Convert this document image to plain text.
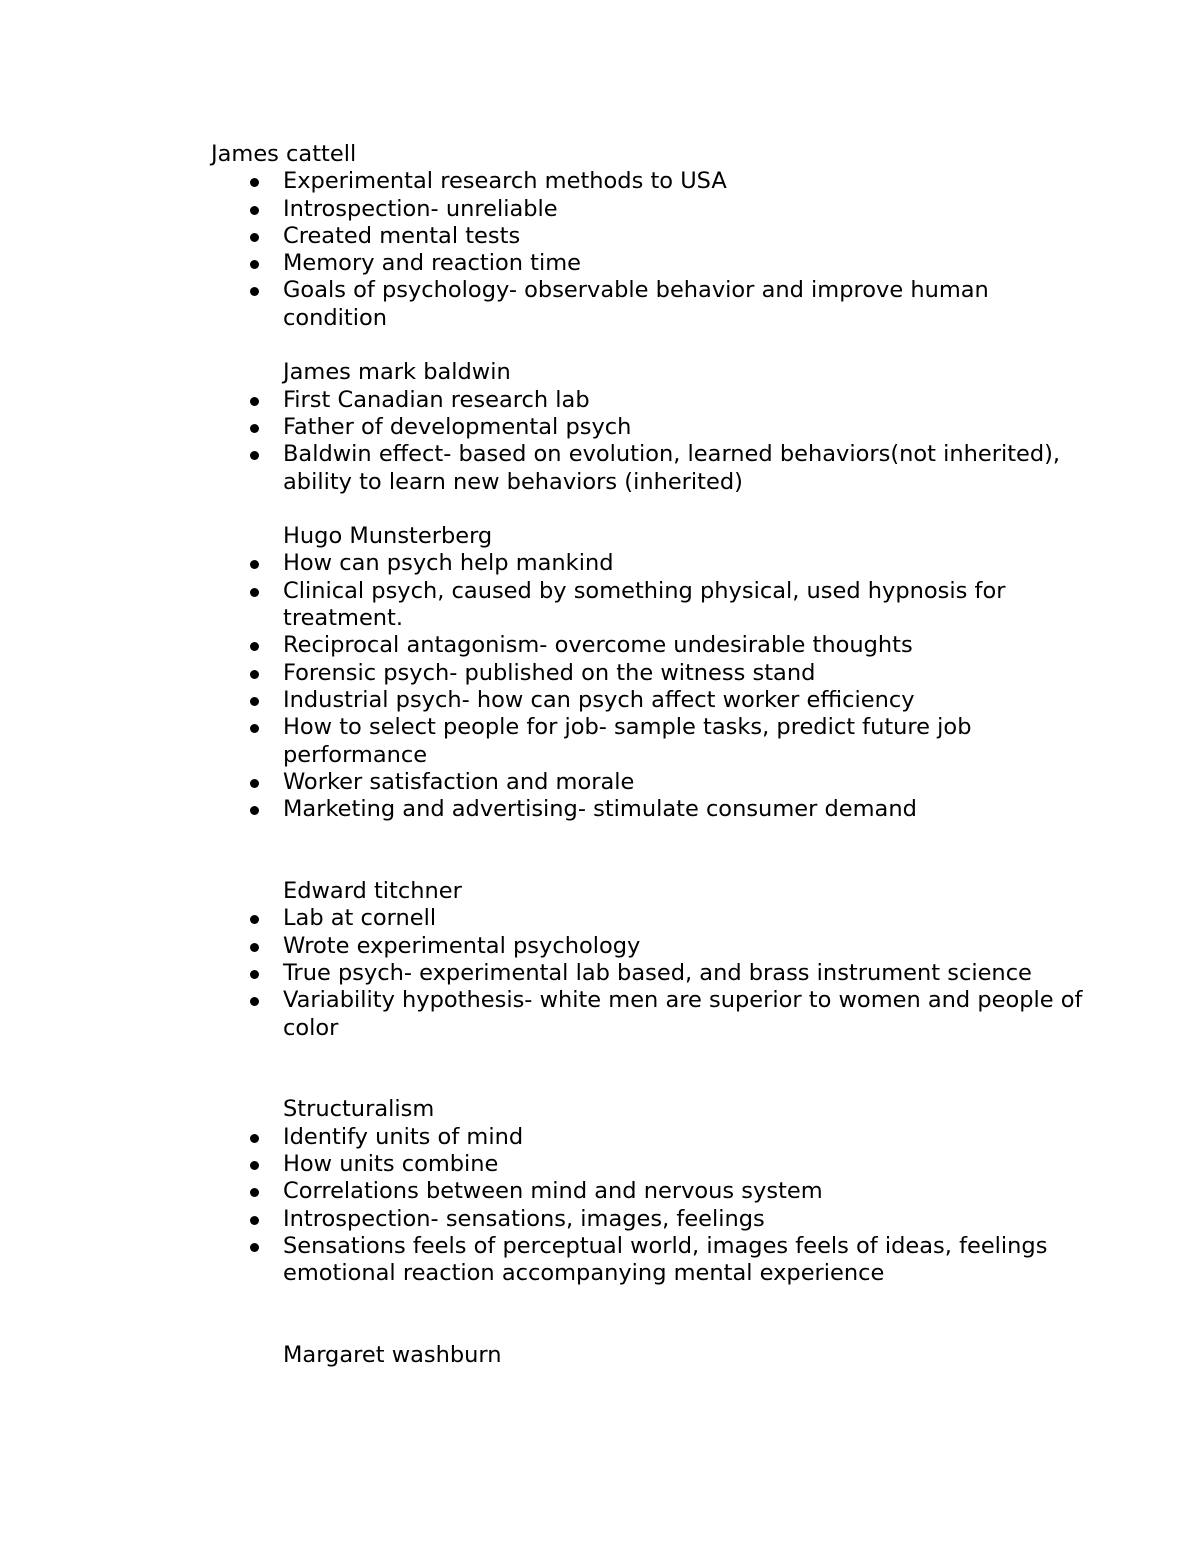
James cattell
Experimental research methods to USA
Introspection- unreliable
Created mental tests
Memory and reaction time
Goals of psychology- observable behavior and improve human condition
James mark baldwin
First Canadian research lab
Father of developmental psych
Baldwin effect- based on evolution, learned behaviors(not inherited), ability to learn new behaviors (inherited)
Hugo Munsterberg
How can psych help mankind
Clinical psych, caused by something physical, used hypnosis for treatment.
Reciprocal antagonism- overcome undesirable thoughts
Forensic psych- published on the witness stand
Industrial psych- how can psych affect worker efficiency
How to select people for job- sample tasks, predict future job performance
Worker satisfaction and morale
Marketing and advertising- stimulate consumer demand
Edward titchner
Lab at cornell
Wrote experimental psychology
True psych- experimental lab based, and brass instrument science
Variability hypothesis- white men are superior to women and people of color
Structuralism
Identify units of mind
How units combine
Correlations between mind and nervous system
Introspection- sensations, images, feelings
Sensations feels of perceptual world, images feels of ideas, feelings emotional reaction accompanying mental experience
Margaret washburn
